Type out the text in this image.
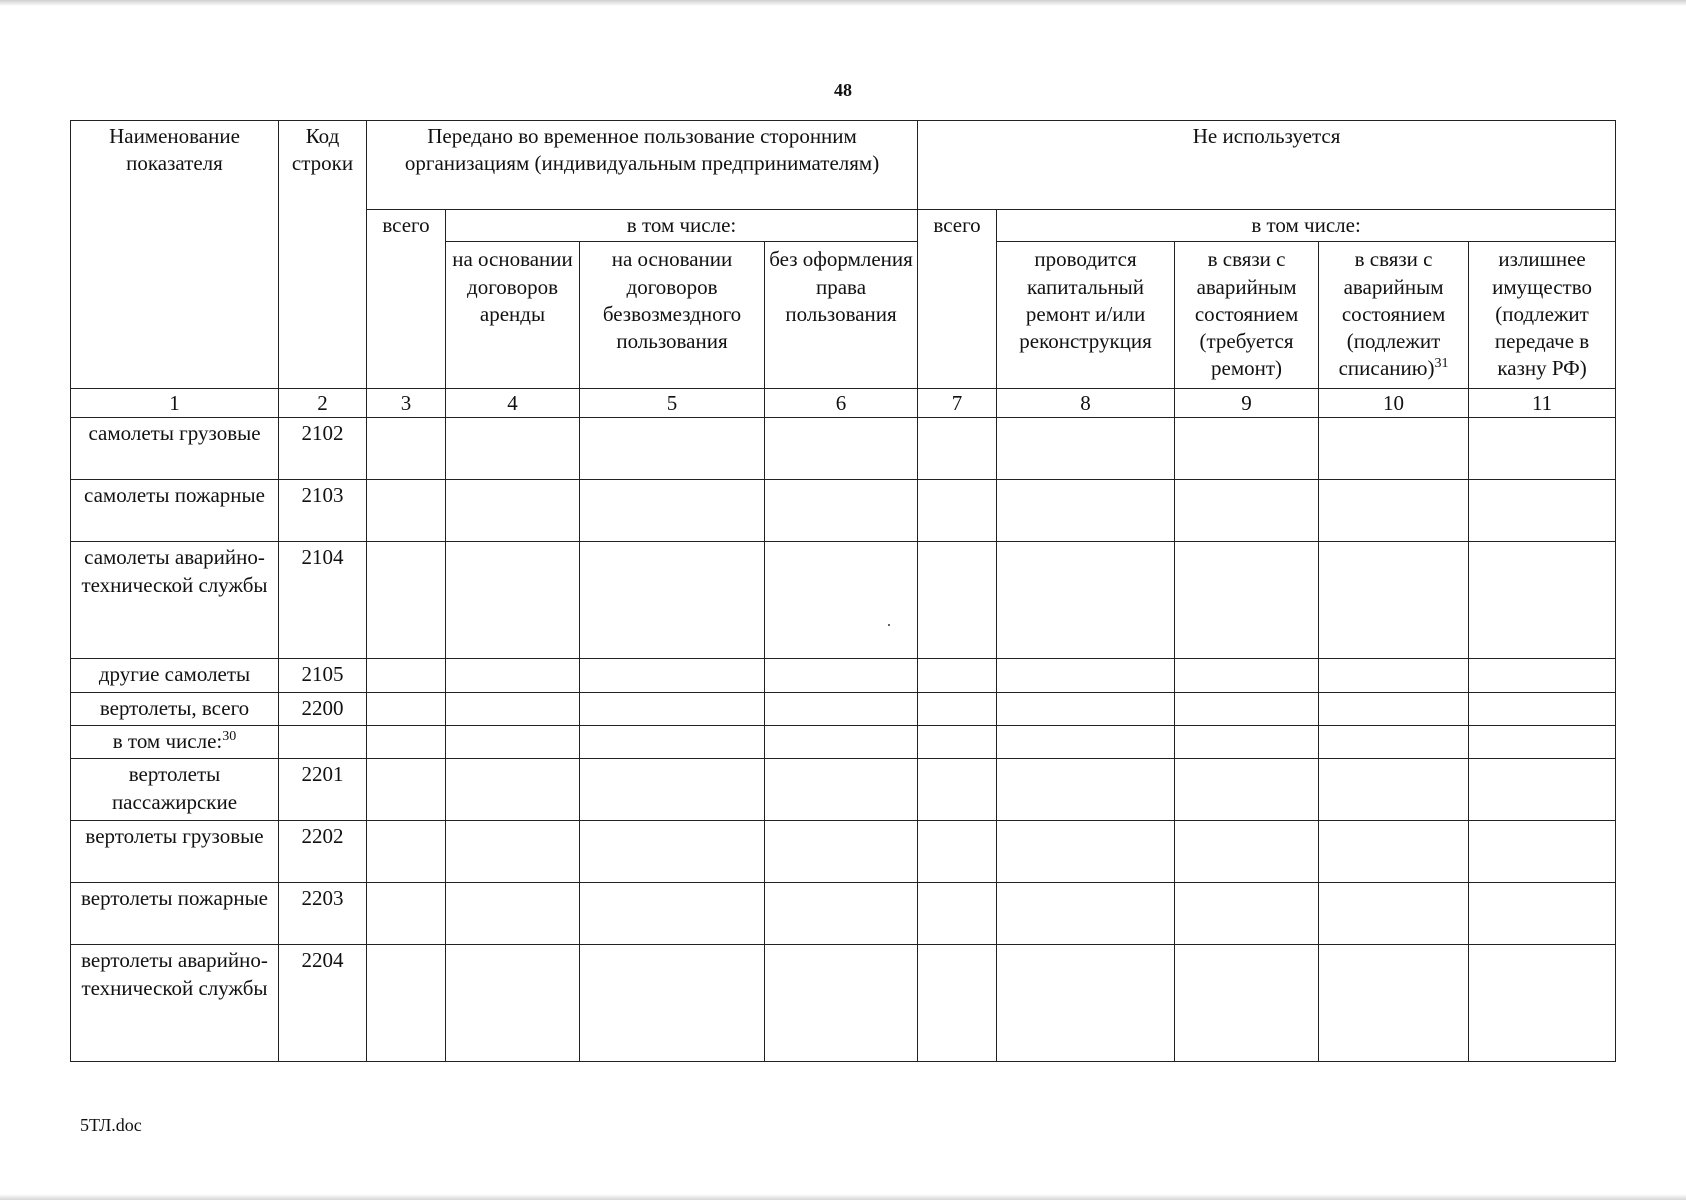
48
Наименование показателя	Код строки	Передано во временное пользование сторонним организациям (индивидуальным предпринимателям)				Не используется				
		всего	в том числе:			всего	в том числе:			
			на основании договоров аренды	на основании договоров безвозмездного пользования	без оформления права пользования		проводится капитальный ремонт и/или реконструкция	в связи с аварийным состоянием (требуется ремонт)	в связи с аварийным состоянием (подлежит списанию)$^{31}$	излишнее имущество (подлежит передаче в казну РФ)
1	2	3	4	5	6	7	8	9	10	11
самолеты грузовые	2102									
самолеты пожарные	2103									
самолеты аварийно-технической службы	2104									
другие самолеты	2105									
вертолеты, всего	2200									
в том числе:$^{30}$										
вертолеты пассажирские	2201									
вертолеты грузовые	2202									
вертолеты пожарные	2203									
вертолеты аварийно-технической службы	2204									
5ТЛ.doc
